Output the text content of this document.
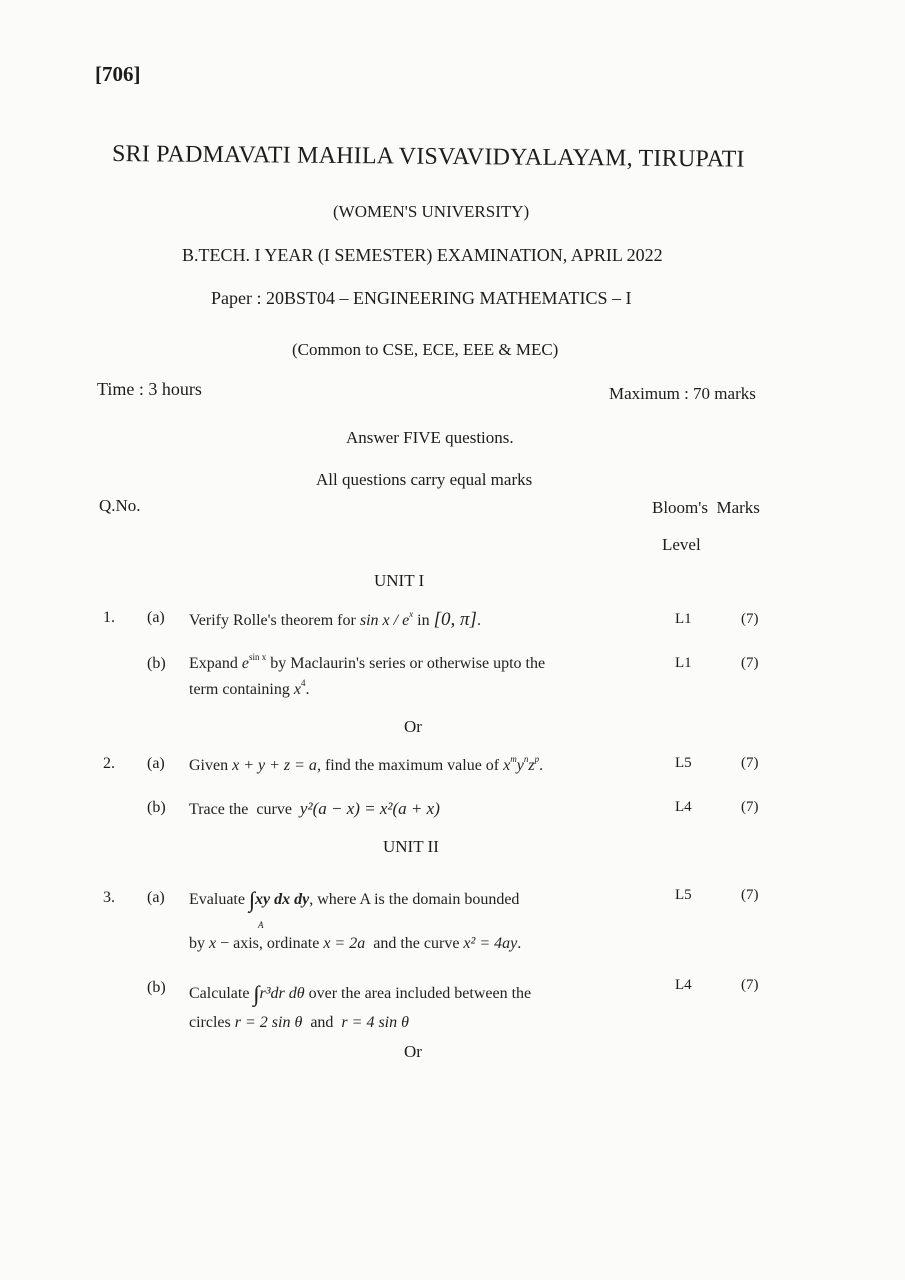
[706]
SRI PADMAVATI MAHILA VISVAVIDYALAYAM, TIRUPATI
(WOMEN'S UNIVERSITY)
B.TECH. I YEAR (I SEMESTER) EXAMINATION, APRIL 2022
Paper : 20BST04 – ENGINEERING MATHEMATICS – I
(Common to CSE, ECE, EEE & MEC)
Time : 3 hours	Maximum : 70 marks
Answer FIVE questions.
All questions carry equal marks
Q.No.	Bloom's  Marks
Level
UNIT I
1. (a) Verify Rolle's theorem for sin x / $e^x$ in [0, π].	L1	(7)
(b) Expand $e^{sin x}$ by Maclaurin's series or otherwise upto the
term containing $x^4$.
L1	(7)
Or
2. (a) Given x + y + z = a, find the maximum value of $x^my^nz^p$.	L5	(7)
(b) Trace the  curve  y²(a − x) = x²(a + x)	L4	(7)
UNIT II
3. (a) Evaluate ∫∫ xy dx dy, where A is the domain bounded
A
by x − axis, ordinate x = 2a  and the curve x² = 4ay.
L5	(7)
(b) Calculate ∫∫ r³dr dθ over the area included between the
circles r = 2 sin θ  and  r = 4 sin θ
L4	(7)
Or
